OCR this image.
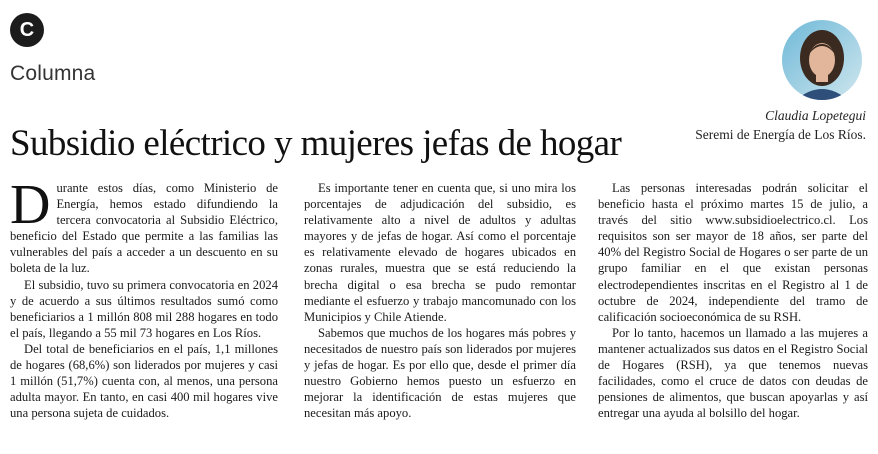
C
Columna
Subsidio eléctrico y mujeres jefas de hogar
Claudia Lopetegui
Seremi de Energía de Los Ríos.

Durante estos días, como Ministerio de Energía, hemos estado difundiendo la tercera convocatoria al Subsidio Eléctrico, beneficio del Estado que permite a las familias las vulnerables del país a acceder a un descuento en su boleta de la luz.

El subsidio, tuvo su primera convocatoria en 2024 y de acuerdo a sus últimos resultados sumó como beneficiarios a 1 millón 808 mil 288 hogares en todo el país, llegando a 55 mil 73 hogares en Los Ríos.

Del total de beneficiarios en el país, 1,1 millones de hogares (68,6%) son liderados por mujeres y casi 1 millón (51,7%) cuenta con, al menos, una persona adulta mayor. En tanto, en casi 400 mil hogares vive una persona sujeta de cuidados.

Es importante tener en cuenta que, si uno mira los porcentajes de adjudicación del subsidio, es relativamente alto a nivel de adultos y adultas mayores y de jefas de hogar. Así como el porcentaje es relativamente elevado de hogares ubicados en zonas rurales, muestra que se está reduciendo la brecha digital o esa brecha se pudo remontar mediante el esfuerzo y trabajo mancomunado con los Municipios y Chile Atiende.

Sabemos que muchos de los hogares más pobres y necesitados de nuestro país son liderados por mujeres y jefas de hogar. Es por ello que, desde el primer día nuestro Gobierno hemos puesto un esfuerzo en mejorar la identificación de estas mujeres que necesitan más apoyo.

Las personas interesadas podrán solicitar el beneficio hasta el próximo martes 15 de julio, a través del sitio www.subsidioelectrico.cl. Los requisitos son ser mayor de 18 años, ser parte del 40% del Registro Social de Hogares o ser parte de un grupo familiar en el que existan personas electrodependientes inscritas en el Registro al 1 de octubre de 2024, independiente del tramo de calificación socioeconómica de su RSH.

Por lo tanto, hacemos un llamado a las mujeres a mantener actualizados sus datos en el Registro Social de Hogares (RSH), ya que tenemos nuevas facilidades, como el cruce de datos con deudas de pensiones de alimentos, que buscan apoyarlas y así entregar una ayuda al bolsillo del hogar.
